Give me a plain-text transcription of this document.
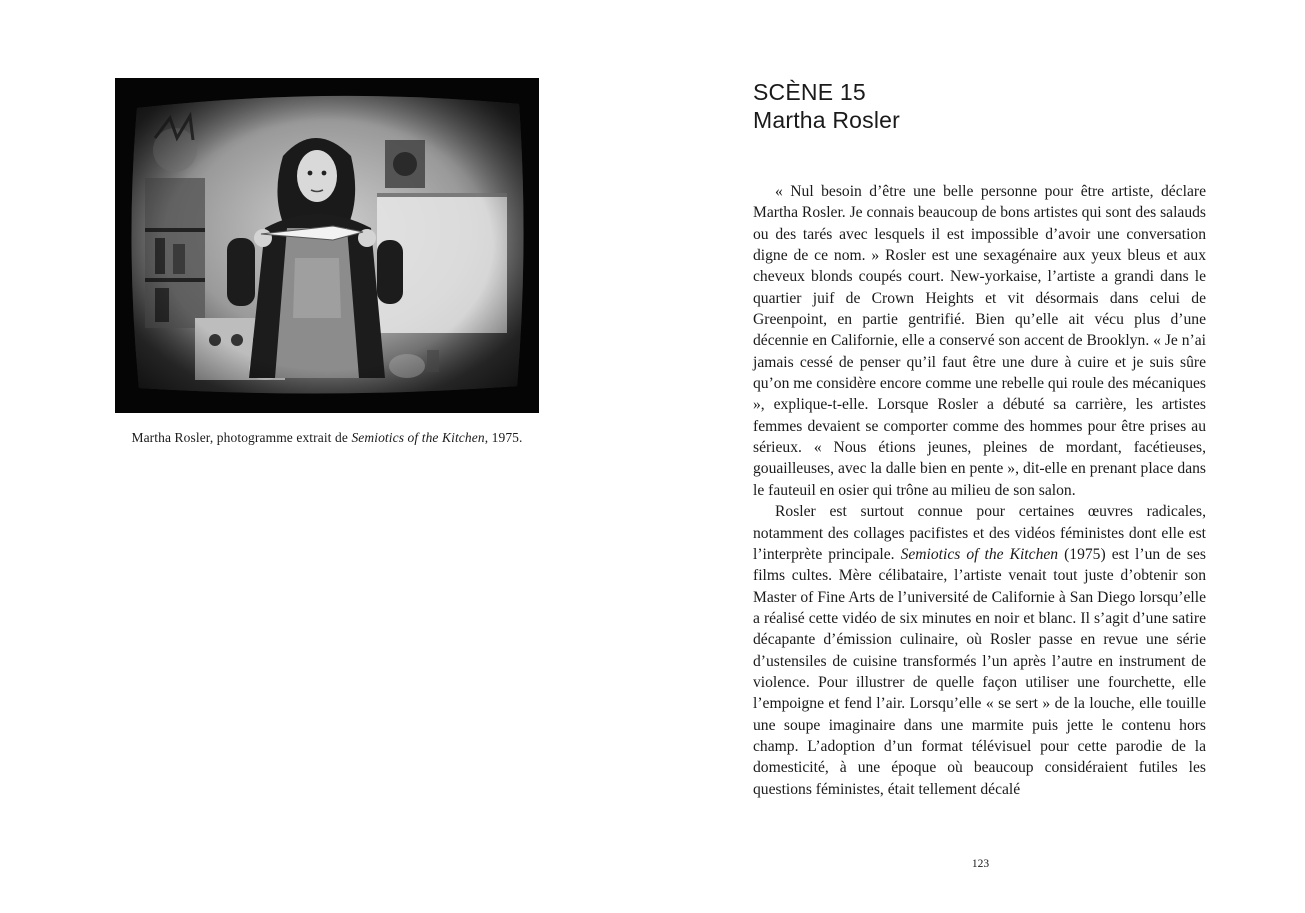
Martha Rosler, photogramme extrait de Semiotics of the Kitchen, 1975.
SCÈNE 15
Martha Rosler

« Nul besoin d’être une belle personne pour être artiste, déclare Martha Rosler. Je connais beaucoup de bons artistes qui sont des salauds ou des tarés avec lesquels il est impossible d’avoir une conversation digne de ce nom. » Rosler est une sexagénaire aux yeux bleus et aux cheveux blonds coupés court. New-yorkaise, l’artiste a grandi dans le quartier juif de Crown Heights et vit désormais dans celui de Greenpoint, en partie gentrifié. Bien qu’elle ait vécu plus d’une décennie en Californie, elle a conservé son accent de Brooklyn. « Je n’ai jamais cessé de penser qu’il faut être une dure à cuire et je suis sûre qu’on me considère encore comme une rebelle qui roule des mécaniques », explique-t-elle. Lorsque Rosler a débuté sa carrière, les artistes femmes devaient se comporter comme des hommes pour être prises au sérieux. « Nous étions jeunes, pleines de mordant, facétieuses, gouailleuses, avec la dalle bien en pente », dit-elle en prenant place dans le fauteuil en osier qui trône au milieu de son salon.

Rosler est surtout connue pour certaines œuvres radicales, notamment des collages pacifistes et des vidéos féministes dont elle est l’interprète principale. Semiotics of the Kitchen (1975) est l’un de ses films cultes. Mère célibataire, l’artiste venait tout juste d’obtenir son Master of Fine Arts de l’université de Californie à San Diego lorsqu’elle a réalisé cette vidéo de six minutes en noir et blanc. Il s’agit d’une satire décapante d’émission culinaire, où Rosler passe en revue une série d’ustensiles de cuisine transformés l’un après l’autre en instrument de violence. Pour illustrer de quelle façon utiliser une fourchette, elle l’empoigne et fend l’air. Lorsqu’elle « se sert » de la louche, elle touille une soupe imaginaire dans une marmite puis jette le contenu hors champ. L’adoption d’un format télévisuel pour cette parodie de la domesticité, à une époque où beaucoup considéraient futiles les questions féministes, était tellement décalé

123
